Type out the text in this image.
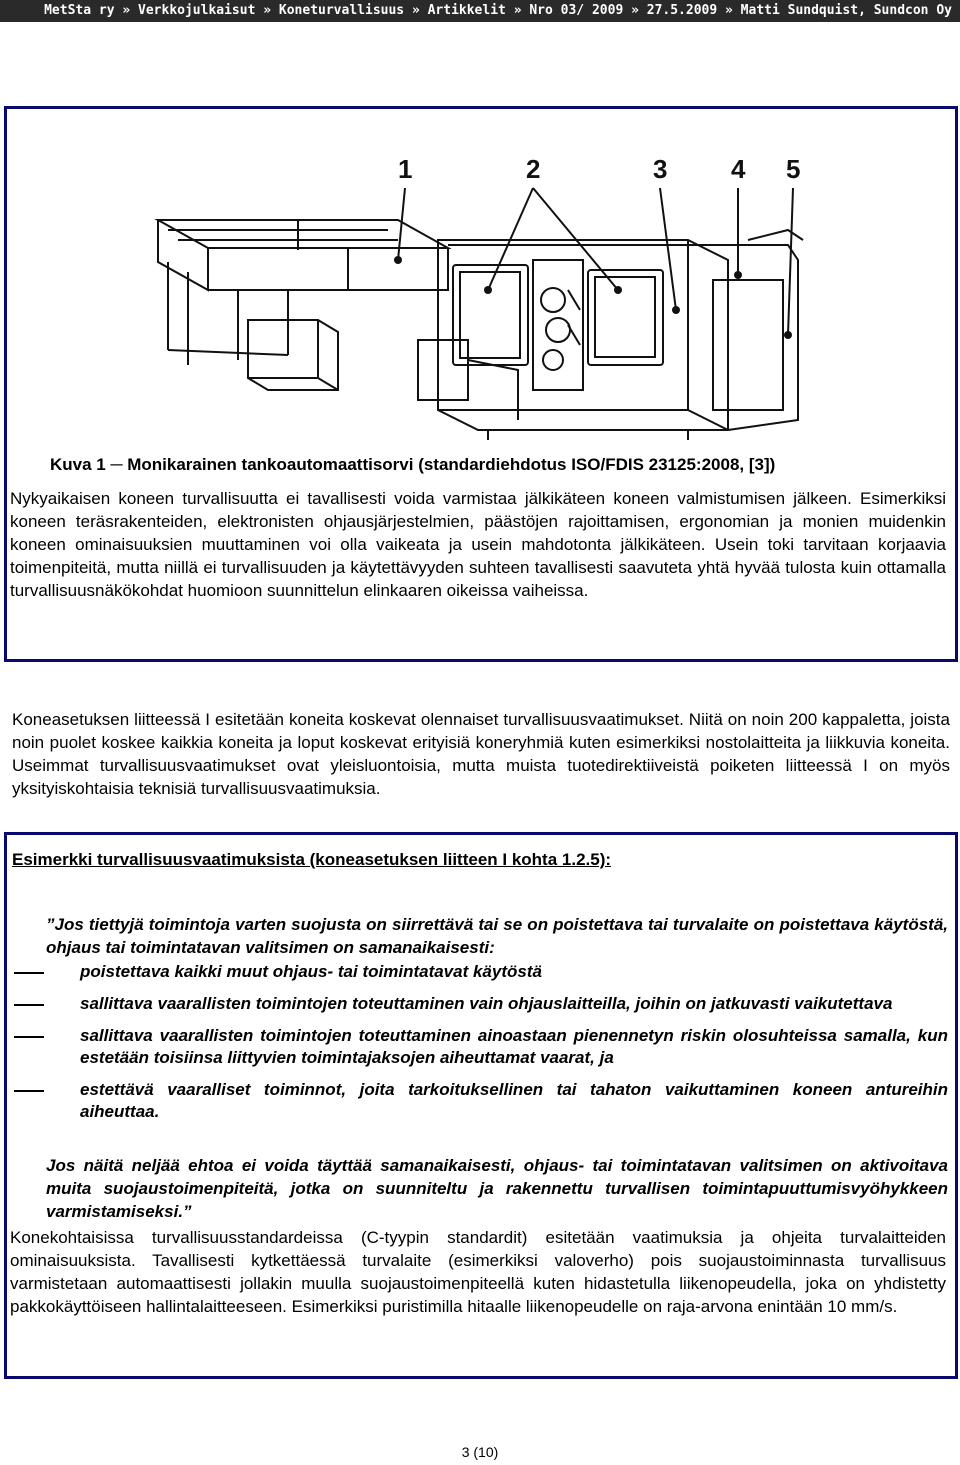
MetSta ry » Verkkojulkaisut » Koneturvallisuus » Artikkelit » Nro 03/ 2009 » 27.5.2009 » Matti Sundquist, Sundcon Oy
1	2	3 4 5
Kuva 1 ─ Monikarainen tankoautomaattisorvi (standardiehdotus ISO/FDIS 23125:2008, [3])

Nykyaikaisen koneen turvallisuutta ei tavallisesti voida varmistaa jälkikäteen koneen valmistumisen jälkeen. Esimerkiksi koneen teräsrakenteiden, elektronisten ohjausjärjestelmien, päästöjen rajoittamisen, ergonomian ja monien muidenkin koneen ominaisuuksien muuttaminen voi olla vaikeata ja usein mahdotonta jälkikäteen. Usein toki tarvitaan korjaavia toimenpiteitä, mutta niillä ei turvallisuuden ja käytettävyyden suhteen tavallisesti saavuteta yhtä hyvää tulosta kuin ottamalla turvallisuusnäkökohdat huomioon suunnittelun elinkaaren oikeissa vaiheissa.

Koneasetuksen liitteessä I esitetään koneita koskevat olennaiset turvallisuusvaatimukset. Niitä on noin 200 kappaletta, joista noin puolet koskee kaikkia koneita ja loput koskevat erityisiä koneryhmiä kuten esimerkiksi nostolaitteita ja liikkuvia koneita. Useimmat turvallisuusvaatimukset ovat yleisluontoisia, mutta muista tuotedirektiiveistä poiketen liitteessä I on myös yksityiskohtaisia teknisiä turvallisuusvaatimuksia.

Esimerkki turvallisuusvaatimuksista (koneasetuksen liitteen I kohta 1.2.5):

”Jos tiettyjä toimintoja varten suojusta on siirrettävä tai se on poistettava tai turvalaite on poistettava käytöstä, ohjaus tai toimintatavan valitsimen on samanaikaisesti:

poistettava kaikki muut ohjaus- tai toimintatavat käytöstä
sallittava vaarallisten toimintojen toteuttaminen vain ohjauslaitteilla, joihin on jatkuvasti vaikutettava
sallittava vaarallisten toimintojen toteuttaminen ainoastaan pienennetyn riskin olosuhteissa samalla, kun estetään toisiinsa liittyvien toimintajaksojen aiheuttamat vaarat, ja
estettävä vaaralliset toiminnot, joita tarkoituksellinen tai tahaton vaikuttaminen koneen antureihin aiheuttaa.

Jos näitä neljää ehtoa ei voida täyttää samanaikaisesti, ohjaus- tai toimintatavan valitsimen on aktivoitava muita suojaustoimenpiteitä, jotka on suunniteltu ja rakennettu turvallisen toimintapuuttumisvyöhykkeen varmistamiseksi.”

Konekohtaisissa turvallisuusstandardeissa (C-tyypin standardit) esitetään vaatimuksia ja ohjeita turvalaitteiden ominaisuuksista. Tavallisesti kytkettäessä turvalaite (esimerkiksi valoverho) pois suojaustoiminnasta turvallisuus varmistetaan automaattisesti jollakin muulla suojaustoimenpiteellä kuten hidastetulla liikenopeudella, joka on yhdistetty pakkokäyttöiseen hallintalaitteeseen. Esimerkiksi puristimilla hitaalle liikenopeudelle on raja-arvona enintään 10 mm/s.

3 (10)
